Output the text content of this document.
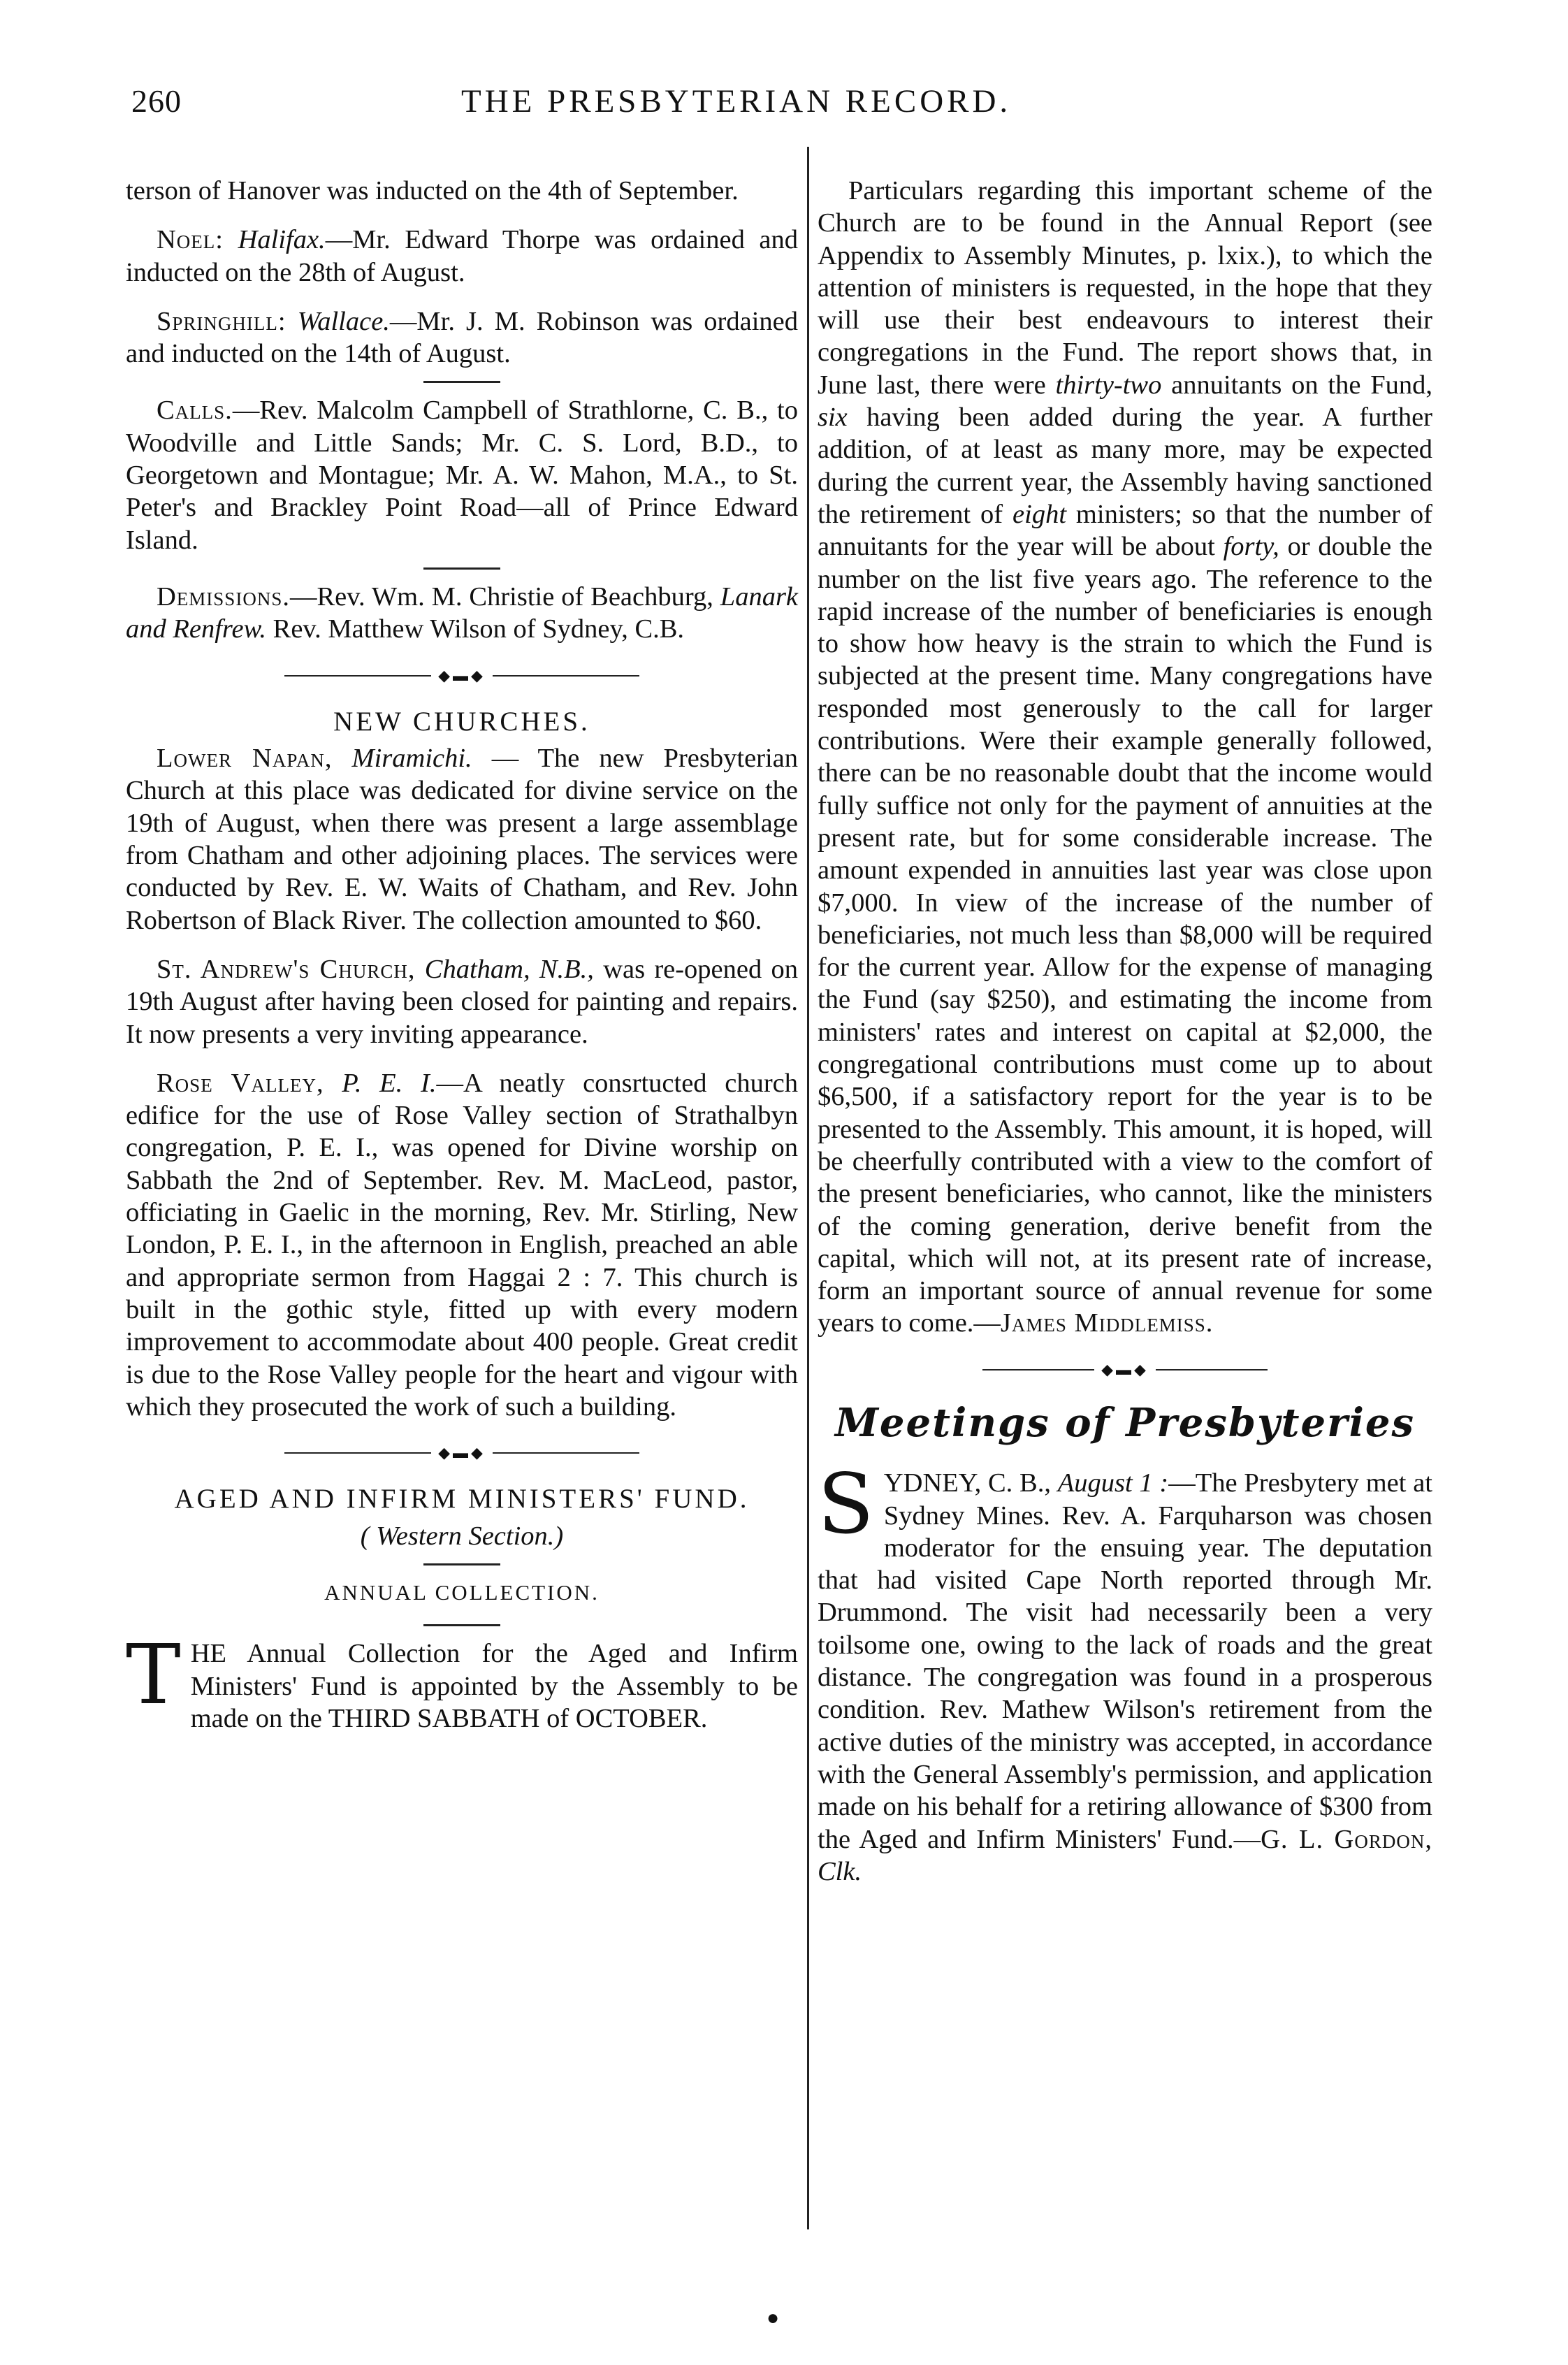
260	THE PRESBYTERIAN RECORD.

terson of Hanover was inducted on the 4th of September.

Noel: Halifax.—Mr. Edward Thorpe was ordained and inducted on the 28th of August.

Springhill: Wallace.—Mr. J. M. Robinson was ordained and inducted on the 14th of August.

Calls.—Rev. Malcolm Campbell of Strathlorne, C. B., to Woodville and Little Sands; Mr. C. S. Lord, B.D., to Georgetown and Montague; Mr. A. W. Mahon, M.A., to St. Peter's and Brackley Point Road—all of Prince Edward Island.

Demissions.—Rev. Wm. M. Christie of Beachburg, Lanark and Renfrew. Rev. Matthew Wilson of Sydney, C.B.

◆▬◆

NEW CHURCHES.

Lower Napan, Miramichi. — The new Presbyterian Church at this place was dedicated for divine service on the 19th of August, when there was present a large assemblage from Chatham and other adjoining places. The services were conducted by Rev. E. W. Waits of Chatham, and Rev. John Robertson of Black River. The collection amounted to $60.

St. Andrew's Church, Chatham, N.B., was re-opened on 19th August after having been closed for painting and repairs. It now presents a very inviting appearance.

Rose Valley, P. E. I.—A neatly consrtucted church edifice for the use of Rose Valley section of Strathalbyn congregation, P. E. I., was opened for Divine worship on Sabbath the 2nd of September. Rev. M. MacLeod, pastor, officiating in Gaelic in the morning, Rev. Mr. Stirling, New London, P. E. I., in the afternoon in English, preached an able and appropriate sermon from Haggai 2 : 7. This church is built in the gothic style, fitted up with every modern improvement to accommodate about 400 people. Great credit is due to the Rose Valley people for the heart and vigour with which they prosecuted the work of such a building.

◆▬◆

AGED AND INFIRM MINISTERS' FUND.

( Western Section.)

ANNUAL COLLECTION.

THE Annual Collection for the Aged and Infirm Ministers' Fund is appointed by the Assembly to be made on the THIRD SABBATH of OCTOBER.

Particulars regarding this important scheme of the Church are to be found in the Annual Report (see Appendix to Assembly Minutes, p. lxix.), to which the attention of ministers is requested, in the hope that they will use their best endeavours to interest their congregations in the Fund. The report shows that, in June last, there were thirty-two annuitants on the Fund, six having been added during the year. A further addition, of at least as many more, may be expected during the current year, the Assembly having sanctioned the retirement of eight ministers; so that the number of annuitants for the year will be about forty, or double the number on the list five years ago. The reference to the rapid increase of the number of beneficiaries is enough to show how heavy is the strain to which the Fund is subjected at the present time. Many congregations have responded most generously to the call for larger contributions. Were their example generally followed, there can be no reasonable doubt that the income would fully suffice not only for the payment of annuities at the present rate, but for some considerable increase. The amount expended in annuities last year was close upon $7,000. In view of the increase of the number of beneficiaries, not much less than $8,000 will be required for the current year. Allow for the expense of managing the Fund (say $250), and estimating the income from ministers' rates and interest on capital at $2,000, the congregational contributions must come up to about $6,500, if a satisfactory report for the year is to be presented to the Assembly. This amount, it is hoped, will be cheerfully contributed with a view to the comfort of the present beneficiaries, who cannot, like the ministers of the coming generation, derive benefit from the capital, which will not, at its present rate of increase, form an important source of annual revenue for some years to come.—James Middlemiss.

◆▬◆

Meetings of Presbyteries

SYDNEY, C. B., August 1 :—The Presbytery met at Sydney Mines. Rev. A. Farquharson was chosen moderator for the ensuing year. The deputation that had visited Cape North reported through Mr. Drummond. The visit had necessarily been a very toilsome one, owing to the lack of roads and the great distance. The congregation was found in a prosperous condition. Rev. Mathew Wilson's retirement from the active duties of the ministry was accepted, in accordance with the General Assembly's permission, and application made on his behalf for a retiring allowance of $300 from the Aged and Infirm Ministers' Fund.—G. L. Gordon, Clk.

●
